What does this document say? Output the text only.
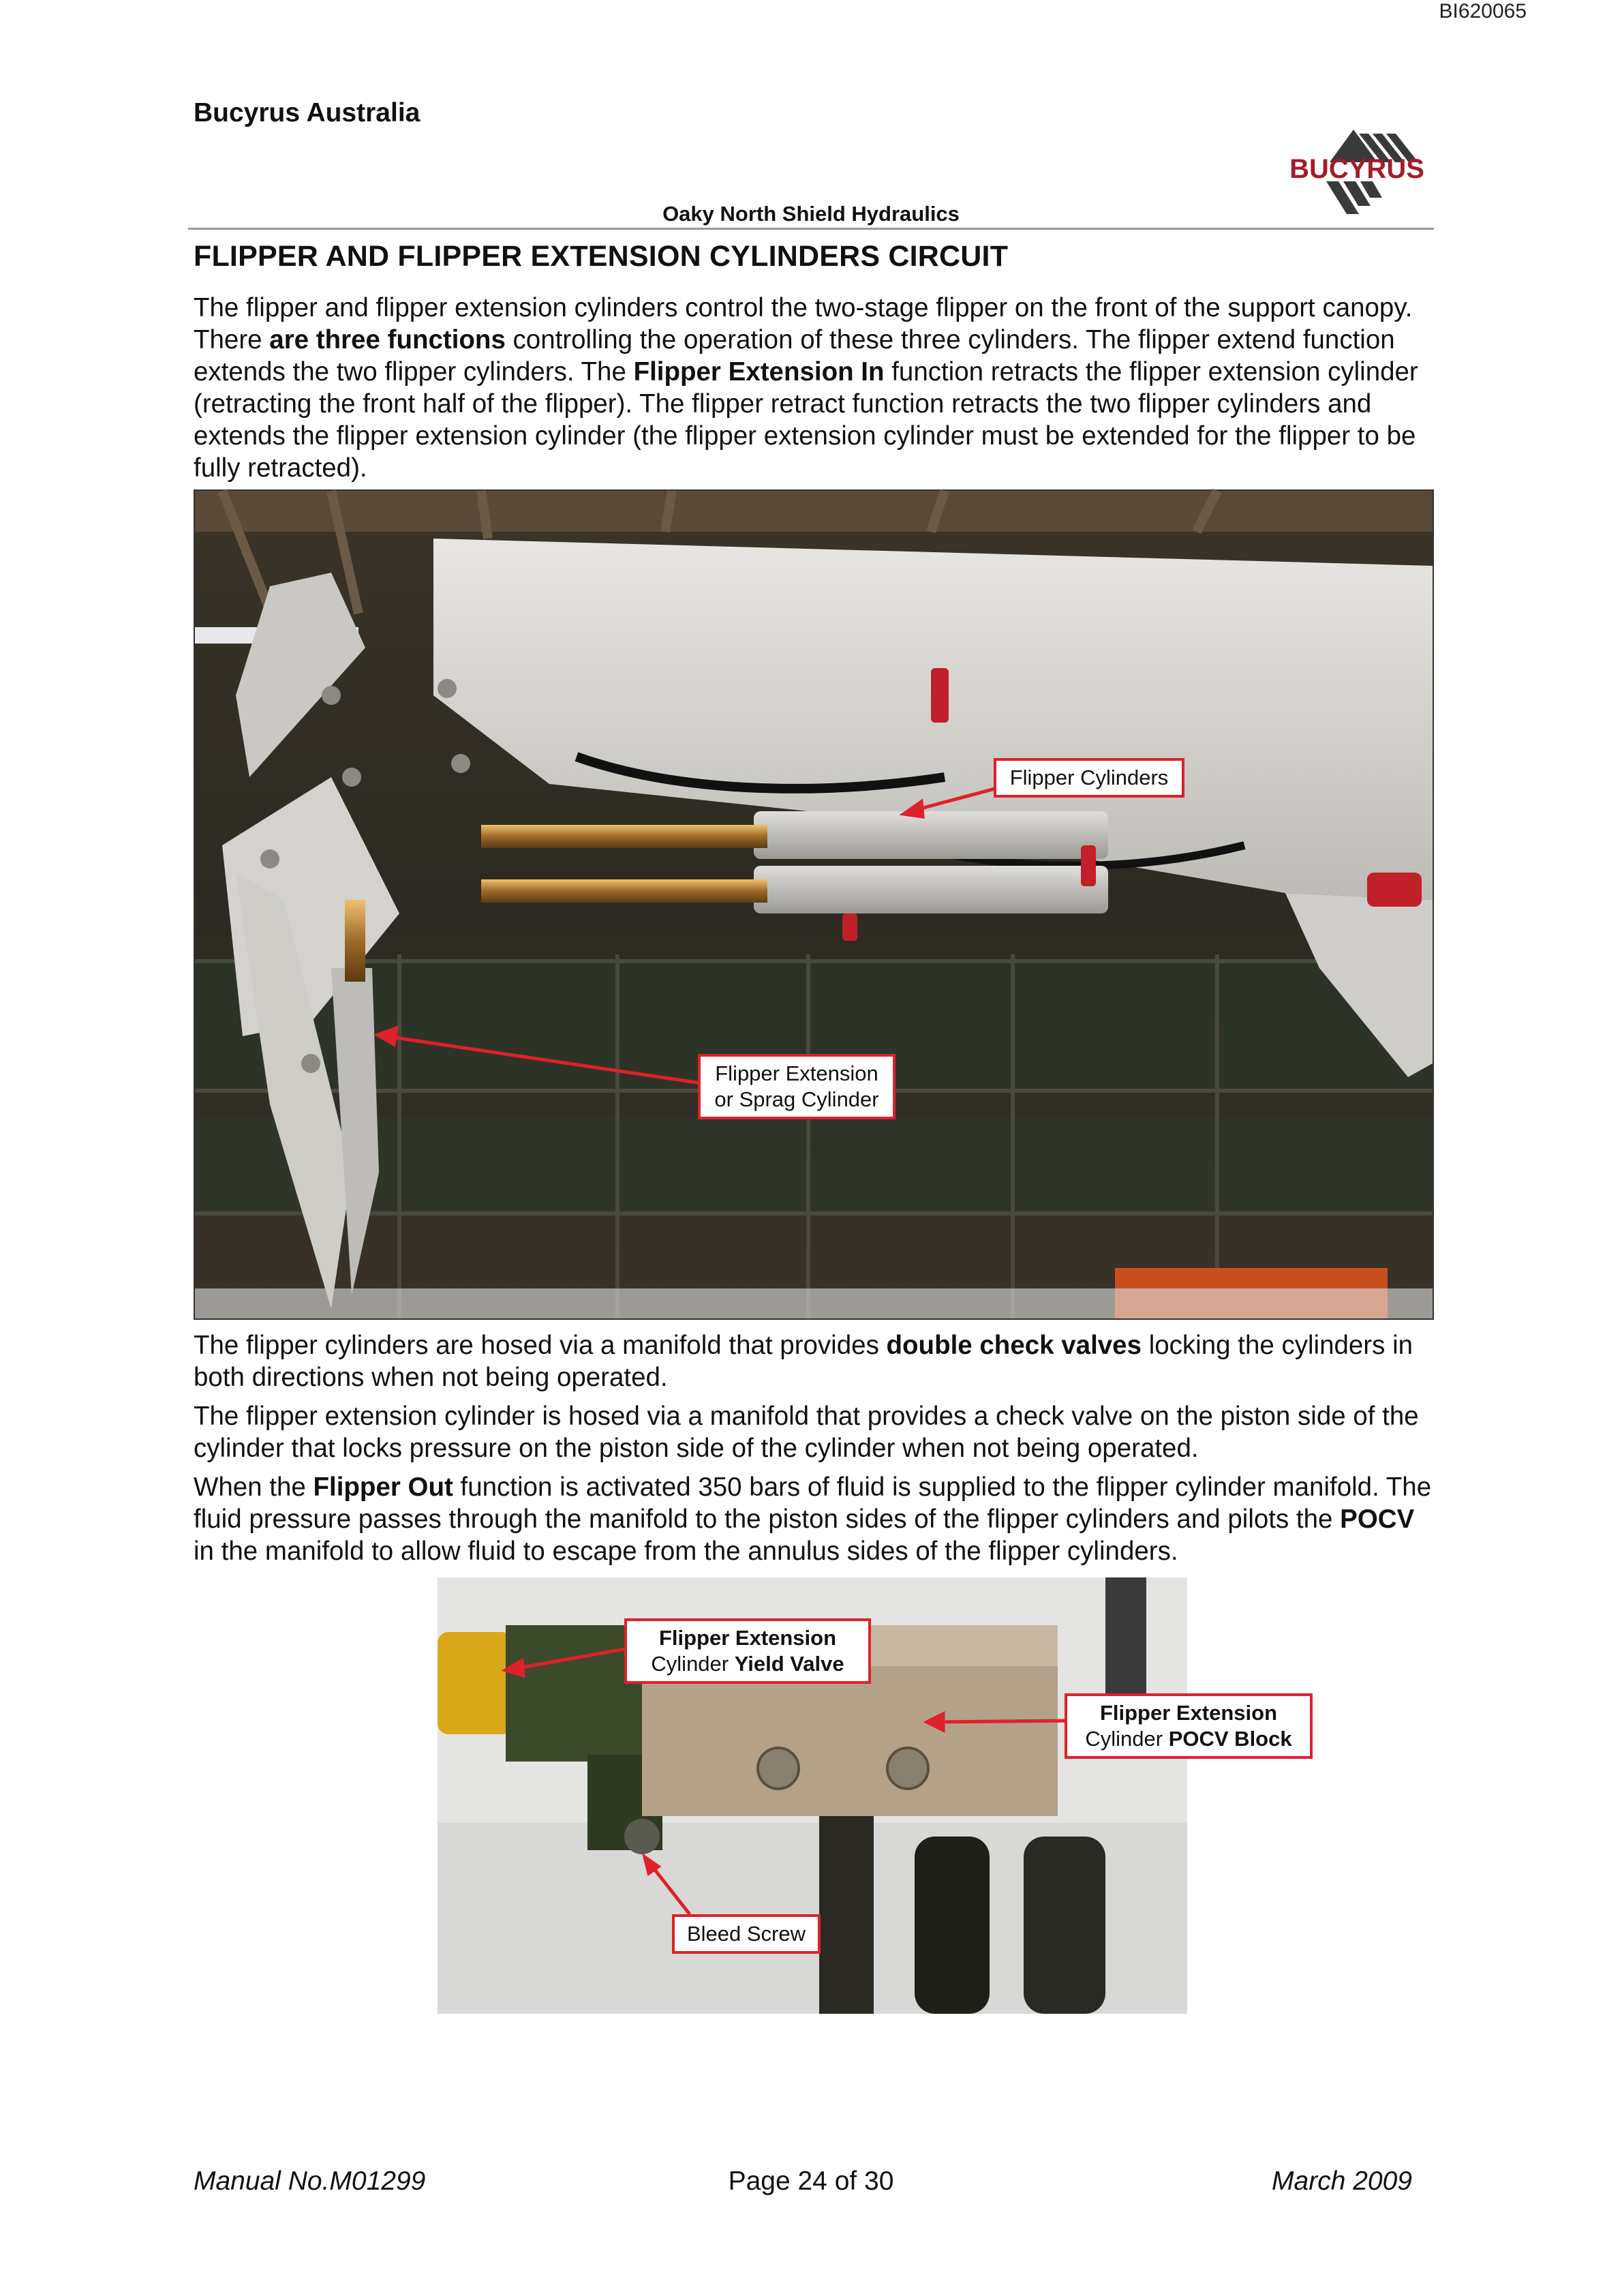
BI620065
Bucyrus Australia
BUCYRUS
Oaky North Shield Hydraulics
FLIPPER AND FLIPPER EXTENSION CYLINDERS CIRCUIT

The flipper and flipper extension cylinders control the two-stage flipper on the front of the support canopy. There are three functions controlling the operation of these three cylinders. The flipper extend function extends the two flipper cylinders. The Flipper Extension In function retracts the flipper extension cylinder (retracting the front half of the flipper). The flipper retract function retracts the two flipper cylinders and extends the flipper extension cylinder (the flipper extension cylinder must be extended for the flipper to be fully retracted).

Flipper Cylinders
Flipper Extension
or Sprag Cylinder

The flipper cylinders are hosed via a manifold that provides double check valves locking the cylinders in both directions when not being operated.

The flipper extension cylinder is hosed via a manifold that provides a check valve on the piston side of the cylinder that locks pressure on the piston side of the cylinder when not being operated.

When the Flipper Out function is activated 350 bars of fluid is supplied to the flipper cylinder manifold. The fluid pressure passes through the manifold to the piston sides of the flipper cylinders and pilots the POCV in the manifold to allow fluid to escape from the annulus sides of the flipper cylinders.

Flipper Extension
Cylinder Yield Valve
Flipper Extension
Cylinder POCV Block
Bleed Screw
Manual No.M01299	Page 24 of 30	March 2009
